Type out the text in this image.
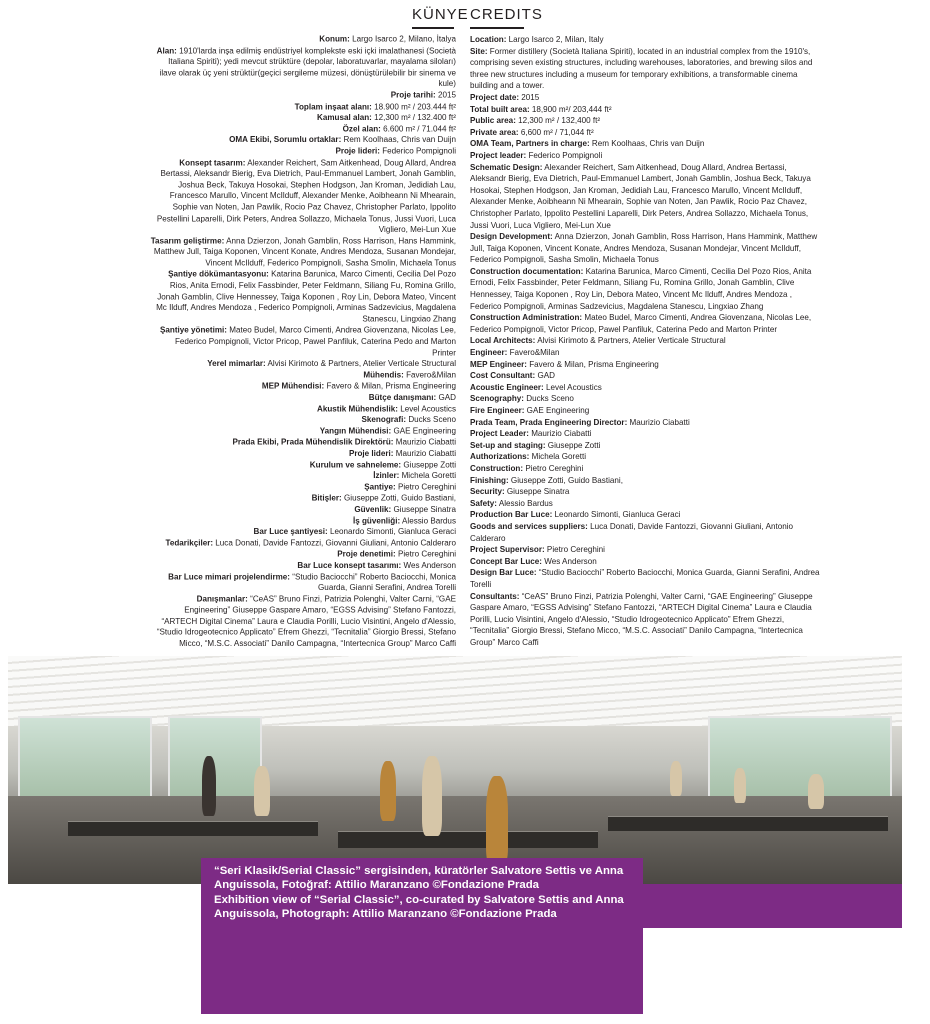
KÜNYE CREDITS

Konum: Largo Isarco 2, Milano, İtalya

Alan: 1910'larda inşa edilmiş endüstriyel komplekste eski içki imalathanesi (Società Italiana Spiriti); yedi mevcut strüktüre (depolar, laboratuvarlar, mayalama siloları) ilave olarak üç yeni strüktür(geçici sergileme müzesi, dönüştürülebilir bir sinema ve kule)

Proje tarihi: 2015

Toplam inşaat alanı: 18.900 m² / 203.444 ft²

Kamusal alan: 12,300 m² / 132.400 ft²

Özel alan: 6.600 m² / 71.044 ft²

OMA Ekibi, Sorumlu ortaklar: Rem Koolhaas, Chris van Duijn

Proje lideri: Federico Pompignoli

Konsept tasarım: Alexander Reichert, Sam Aitkenhead, Doug Allard, Andrea Bertassi, Aleksandr Bierig, Eva Dietrich, Paul-Emmanuel Lambert, Jonah Gamblin, Joshua Beck, Takuya Hosokai, Stephen Hodgson, Jan Kroman, Jedidiah Lau, Francesco Marullo, Vincent McIlduff, Alexander Menke, Aoibheann Ni Mhearain, Sophie van Noten, Jan Pawlik, Rocio Paz Chavez, Christopher Parlato, Ippolito Pestellini Laparelli, Dirk Peters, Andrea Sollazzo, Michaela Tonus, Jussi Vuori, Luca Vigliero, Mei-Lun Xue

Tasarım geliştirme: Anna Dzierzon, Jonah Gamblin, Ross Harrison, Hans Hammink, Matthew Jull, Taiga Koponen, Vincent Konate, Andres Mendoza, Susanan Mondejar, Vincent McIlduff, Federico Pompignoli, Sasha Smolin, Michaela Tonus

Şantiye dökümantasyonu: Katarina Barunica, Marco Cimenti, Cecilia Del Pozo Rios, Anita Ernodi, Felix Fassbinder, Peter Feldmann, Siliang Fu, Romina Grillo, Jonah Gamblin, Clive Hennessey, Taiga Koponen , Roy Lin, Debora Mateo, Vincent Mc Ilduff, Andres Mendoza , Federico Pompignoli, Arminas Sadzevicius, Magdalena Stanescu, Lingxiao Zhang

Şantiye yönetimi: Mateo Budel, Marco Cimenti, Andrea Giovenzana, Nicolas Lee, Federico Pompignoli, Victor Pricop, Pawel Panfiluk, Caterina Pedo and Marton Printer

Yerel mimarlar: Alvisi Kirimoto & Partners, Atelier Verticale Structural

Mühendis: Favero&Milan

MEP Mühendisi: Favero & Milan, Prisma Engineering

Bütçe danışmanı: GAD

Akustik Mühendislik: Level Acoustics

Skenografi: Ducks Sceno

Yangın Mühendisi: GAE Engineering

Prada Ekibi, Prada Mühendislik Direktörü: Maurizio Ciabatti

Proje lideri: Maurizio Ciabatti

Kurulum ve sahneleme: Giuseppe Zotti

İzinler: Michela Goretti

Şantiye: Pietro Cereghini

Bitişler: Giuseppe Zotti, Guido Bastiani,

Güvenlik: Giuseppe Sinatra

İş güvenliği: Alessio Bardus

Bar Luce şantiyesi: Leonardo Simonti, Gianluca Geraci

Tedarikçiler: Luca Donati, Davide Fantozzi, Giovanni Giuliani, Antonio Calderaro

Proje denetimi: Pietro Cereghini

Bar Luce konsept tasarımı: Wes Anderson

Bar Luce mimari projelendirme: “Studio Baciocchi” Roberto Baciocchi, Monica Guarda, Gianni Serafini, Andrea Torelli

Danışmanlar: “CeAS” Bruno Finzi, Patrizia Polenghi, Valter Carni, “GAE Engineering” Giuseppe Gaspare Amaro, “EGSS Advising” Stefano Fantozzi, “ARTECH Digital Cinema” Laura e Claudia Porilli, Lucio Visintini, Angelo d'Alessio, “Studio Idrogeotecnico Applicato” Efrem Ghezzi, “Tecnitalia” Giorgio Bressi, Stefano Micco, “M.S.C. Associati” Danilo Campagna, “Intertecnica Group” Marco Caffi

Location: Largo Isarco 2, Milan, Italy

Site: Former distillery (Società Italiana Spiriti), located in an industrial complex from the 1910's, comprising seven existing structures, including warehouses, laboratories, and brewing silos and three new structures including a museum for temporary exhibitions, a transformable cinema building and a tower.

Project date: 2015

Total built area: 18,900 m²/ 203,444 ft²

Public area: 12,300 m² / 132,400 ft²

Private area: 6,600 m² / 71,044 ft²

OMA Team, Partners in charge: Rem Koolhaas, Chris van Duijn

Project leader: Federico Pompignoli

Schematic Design: Alexander Reichert, Sam Aitkenhead, Doug Allard, Andrea Bertassi, Aleksandr Bierig, Eva Dietrich, Paul-Emmanuel Lambert, Jonah Gamblin, Joshua Beck, Takuya Hosokai, Stephen Hodgson, Jan Kroman, Jedidiah Lau, Francesco Marullo, Vincent McIlduff, Alexander Menke, Aoibheann Ni Mhearain, Sophie van Noten, Jan Pawlik, Rocio Paz Chavez, Christopher Parlato, Ippolito Pestellini Laparelli, Dirk Peters, Andrea Sollazzo, Michaela Tonus, Jussi Vuori, Luca Vigliero, Mei-Lun Xue

Design Development: Anna Dzierzon, Jonah Gamblin, Ross Harrison, Hans Hammink, Matthew Jull, Taiga Koponen, Vincent Konate, Andres Mendoza, Susanan Mondejar, Vincent McIlduff, Federico Pompignoli, Sasha Smolin, Michaela Tonus

Construction documentation: Katarina Barunica, Marco Cimenti, Cecilia Del Pozo Rios, Anita Ernodi, Felix Fassbinder, Peter Feldmann, Siliang Fu, Romina Grillo, Jonah Gamblin, Clive Hennessey, Taiga Koponen , Roy Lin, Debora Mateo, Vincent Mc Ilduff, Andres Mendoza , Federico Pompignoli, Arminas Sadzevicius, Magdalena Stanescu, Lingxiao Zhang

Construction Administration: Mateo Budel, Marco Cimenti, Andrea Giovenzana, Nicolas Lee, Federico Pompignoli, Victor Pricop, Pawel Panfiluk, Caterina Pedo and Marton Printer

Local Architects: Alvisi Kirimoto & Partners, Atelier Verticale Structural

Engineer: Favero&Milan

MEP Engineer: Favero & Milan, Prisma Engineering

Cost Consultant: GAD

Acoustic Engineer: Level Acoustics

Scenography: Ducks Sceno

Fire Engineer: GAE Engineering

Prada Team, Prada Engineering Director: Maurizio Ciabatti

Project Leader: Maurizio Ciabatti

Set-up and staging: Giuseppe Zotti

Authorizations: Michela Goretti

Construction: Pietro Cereghini

Finishing: Giuseppe Zotti, Guido Bastiani,

Security: Giuseppe Sinatra

Safety: Alessio Bardus

Production Bar Luce: Leonardo Simonti, Gianluca Geraci

Goods and services suppliers: Luca Donati, Davide Fantozzi, Giovanni Giuliani, Antonio Calderaro

Project Supervisor: Pietro Cereghini

Concept Bar Luce: Wes Anderson

Design Bar Luce: “Studio Baciocchi” Roberto Baciocchi, Monica Guarda, Gianni Serafini, Andrea Torelli

Consultants: “CeAS” Bruno Finzi, Patrizia Polenghi, Valter Carni, “GAE Engineering” Giuseppe Gaspare Amaro, “EGSS Advising” Stefano Fantozzi, “ARTECH Digital Cinema” Laura e Claudia Porilli, Lucio Visintini, Angelo d'Alessio, “Studio Idrogeotecnico Applicato” Efrem Ghezzi, “Tecnitalia” Giorgio Bressi, Stefano Micco, “M.S.C. Associati” Danilo Campagna, “Intertecnica Group” Marco Caffi

“Seri Klasik/Serial Classic” sergisinden, küratörler Salvatore Settis ve Anna Anguissola, Fotoğraf: Attilio Maranzano ©Fondazione Prada
Exhibition view of “Serial Classic”, co-curated by Salvatore Settis and Anna Anguissola, Photograph: Attilio Maranzano ©Fondazione Prada
